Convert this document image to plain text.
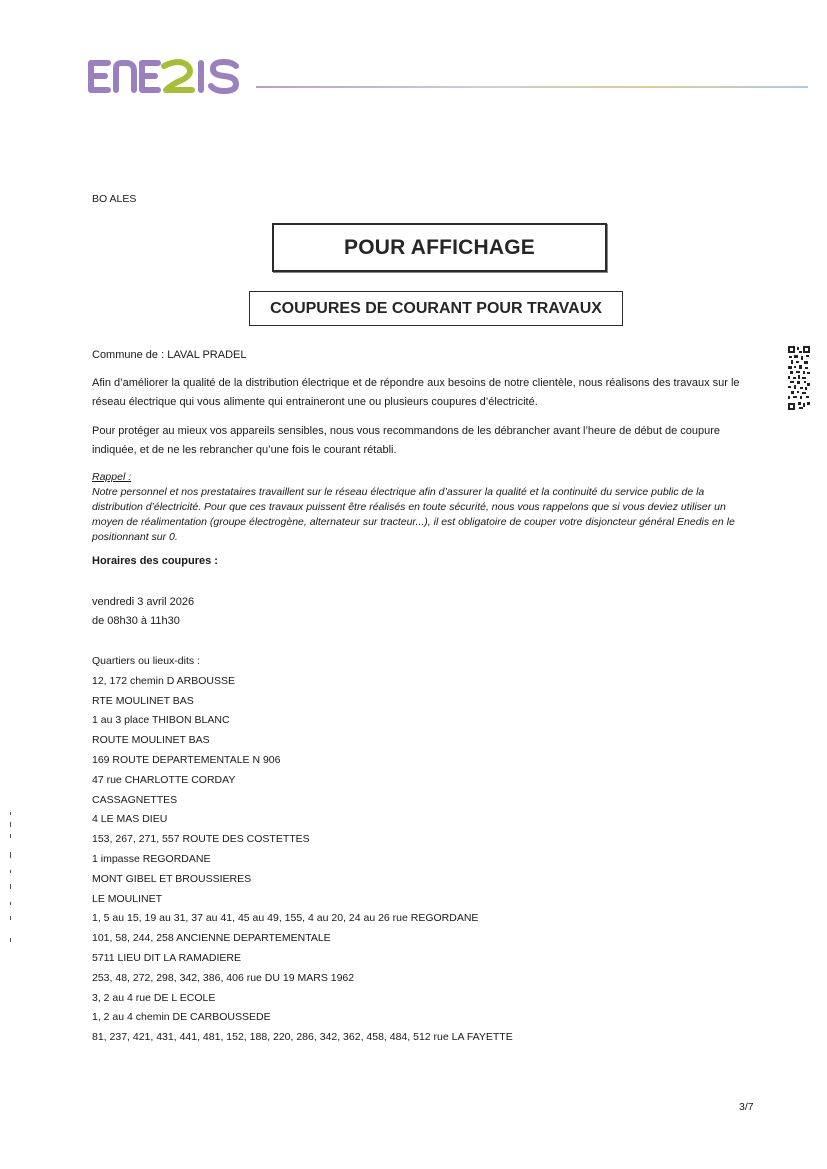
BO ALES
POUR AFFICHAGE
COUPURES DE COURANT POUR TRAVAUX

Commune de : LAVAL PRADEL

Afin d’améliorer la qualité de la distribution électrique et de répondre aux besoins de notre clientèle, nous réalisons des travaux sur le réseau électrique qui vous alimente qui entraineront une ou plusieurs coupures d’électricité.

Pour protéger au mieux vos appareils sensibles, nous vous recommandons de les débrancher avant l’heure de début de coupure indiquée, et de ne les rebrancher qu’une fois le courant rétabli.

Rappel :
Notre personnel et nos prestataires travaillent sur le réseau électrique afin d’assurer la qualité et la continuité du service public de la distribution d’électricité. Pour que ces travaux puissent être réalisés en toute sécurité, nous vous rappelons que si vous deviez utiliser un moyen de réalimentation (groupe électrogène, alternateur sur tracteur...), il est obligatoire de couper votre disjoncteur général Enedis en le positionnant sur 0.
Horaires des coupures :
vendredi 3 avril 2026
de 08h30 à 11h30
Quartiers ou lieux-dits :
12, 172 chemin D ARBOUSSE
RTE MOULINET BAS
1 au 3 place THIBON BLANC
ROUTE MOULINET BAS
169 ROUTE DEPARTEMENTALE N 906
47 rue CHARLOTTE CORDAY
CASSAGNETTES
4 LE MAS DIEU
153, 267, 271, 557 ROUTE DES COSTETTES
1 impasse REGORDANE
MONT GIBEL ET BROUSSIERES
LE MOULINET
1, 5 au 15, 19 au 31, 37 au 41, 45 au 49, 155, 4 au 20, 24 au 26 rue REGORDANE
101, 58, 244, 258 ANCIENNE DEPARTEMENTALE
5711 LIEU DIT LA RAMADIERE
253, 48, 272, 298, 342, 386, 406 rue DU 19 MARS 1962
3, 2 au 4 rue DE L ECOLE
1, 2 au 4 chemin DE CARBOUSSEDE
81, 237, 421, 431, 441, 481, 152, 188, 220, 286, 342, 362, 458, 484, 512 rue LA FAYETTE
3/7
